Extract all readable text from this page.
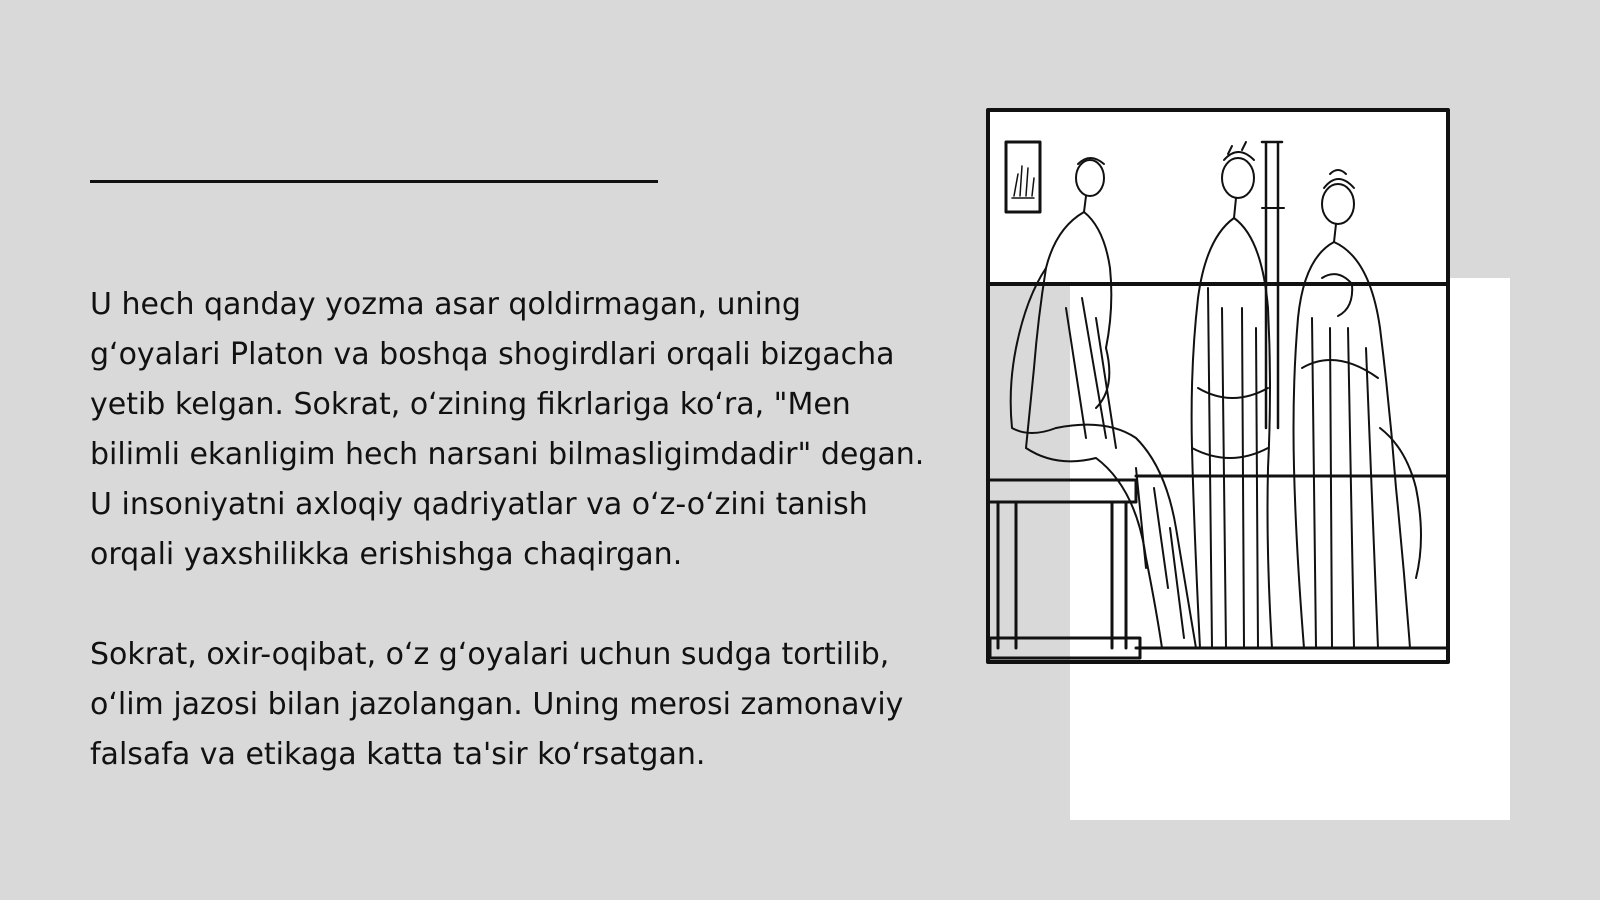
U hech qanday yozma asar qoldirmagan, uning
g‘oyalari Platon va boshqa shogirdlari orqali bizgacha
yetib kelgan. Sokrat, o‘zining fikrlariga ko‘ra, "Men
bilimli ekanligim hech narsani bilmasligimdadir" degan.
U insoniyatni axloqiy qadriyatlar va o‘z-o‘zini tanish
orqali yaxshilikka erishishga chaqirgan.

Sokrat, oxir-oqibat, o‘z g‘oyalari uchun sudga tortilib,
o‘lim jazosi bilan jazolangan. Uning merosi zamonaviy
falsafa va etikaga katta ta'sir ko‘rsatgan.
